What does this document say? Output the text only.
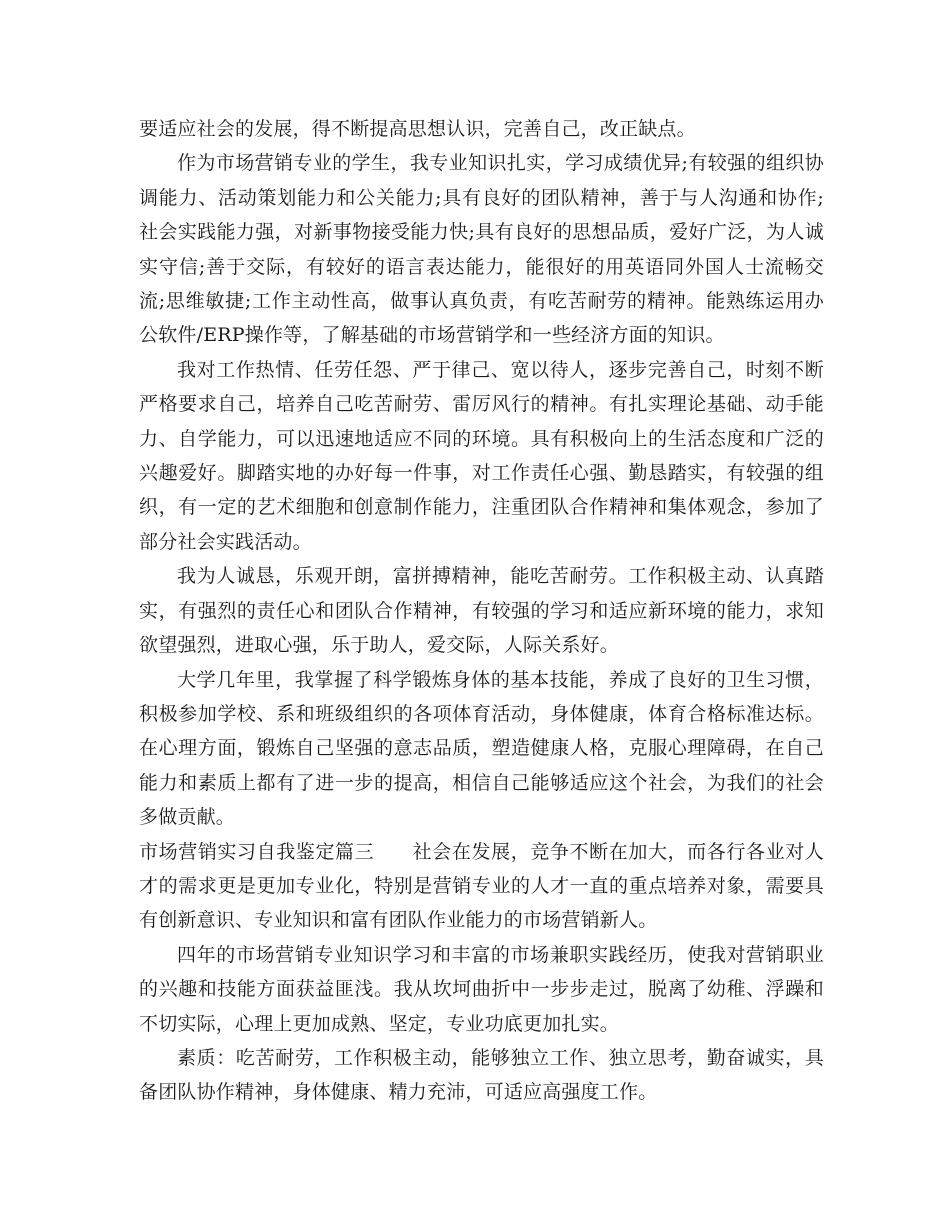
要适应社会的发展，得不断提高思想认识，完善自己，改正缺点。

作为市场营销专业的学生，我专业知识扎实，学习成绩优异;有较强的组织协调能力、活动策划能力和公关能力;具有良好的团队精神，善于与人沟通和协作;社会实践能力强，对新事物接受能力快;具有良好的思想品质，爱好广泛，为人诚实守信;善于交际，有较好的语言表达能力，能很好的用英语同外国人士流畅交流;思维敏捷;工作主动性高，做事认真负责，有吃苦耐劳的精神。能熟练运用办公软件/ERP操作等，了解基础的市场营销学和一些经济方面的知识。

我对工作热情、任劳任怨、严于律己、宽以待人，逐步完善自己，时刻不断严格要求自己，培养自己吃苦耐劳、雷厉风行的精神。有扎实理论基础、动手能力、自学能力，可以迅速地适应不同的环境。具有积极向上的生活态度和广泛的兴趣爱好。脚踏实地的办好每一件事，对工作责任心强、勤恳踏实，有较强的组织，有一定的艺术细胞和创意制作能力，注重团队合作精神和集体观念，参加了部分社会实践活动。

我为人诚恳，乐观开朗，富拼搏精神，能吃苦耐劳。工作积极主动、认真踏实，有强烈的责任心和团队合作精神，有较强的学习和适应新环境的能力，求知欲望强烈，进取心强，乐于助人，爱交际，人际关系好。

大学几年里，我掌握了科学锻炼身体的基本技能，养成了良好的卫生习惯，积极参加学校、系和班级组织的各项体育活动，身体健康，体育合格标准达标。在心理方面，锻炼自己坚强的意志品质，塑造健康人格，克服心理障碍，在自己能力和素质上都有了进一步的提高，相信自己能够适应这个社会，为我们的社会多做贡献。

市场营销实习自我鉴定篇三 社会在发展，竞争不断在加大，而各行各业对人才的需求更是更加专业化，特别是营销专业的人才一直的重点培养对象，需要具有创新意识、专业知识和富有团队作业能力的市场营销新人。

四年的市场营销专业知识学习和丰富的市场兼职实践经历，使我对营销职业的兴趣和技能方面获益匪浅。我从坎坷曲折中一步步走过，脱离了幼稚、浮躁和不切实际，心理上更加成熟、坚定，专业功底更加扎实。

素质：吃苦耐劳，工作积极主动，能够独立工作、独立思考，勤奋诚实，具备团队协作精神，身体健康、精力充沛，可适应高强度工作。
